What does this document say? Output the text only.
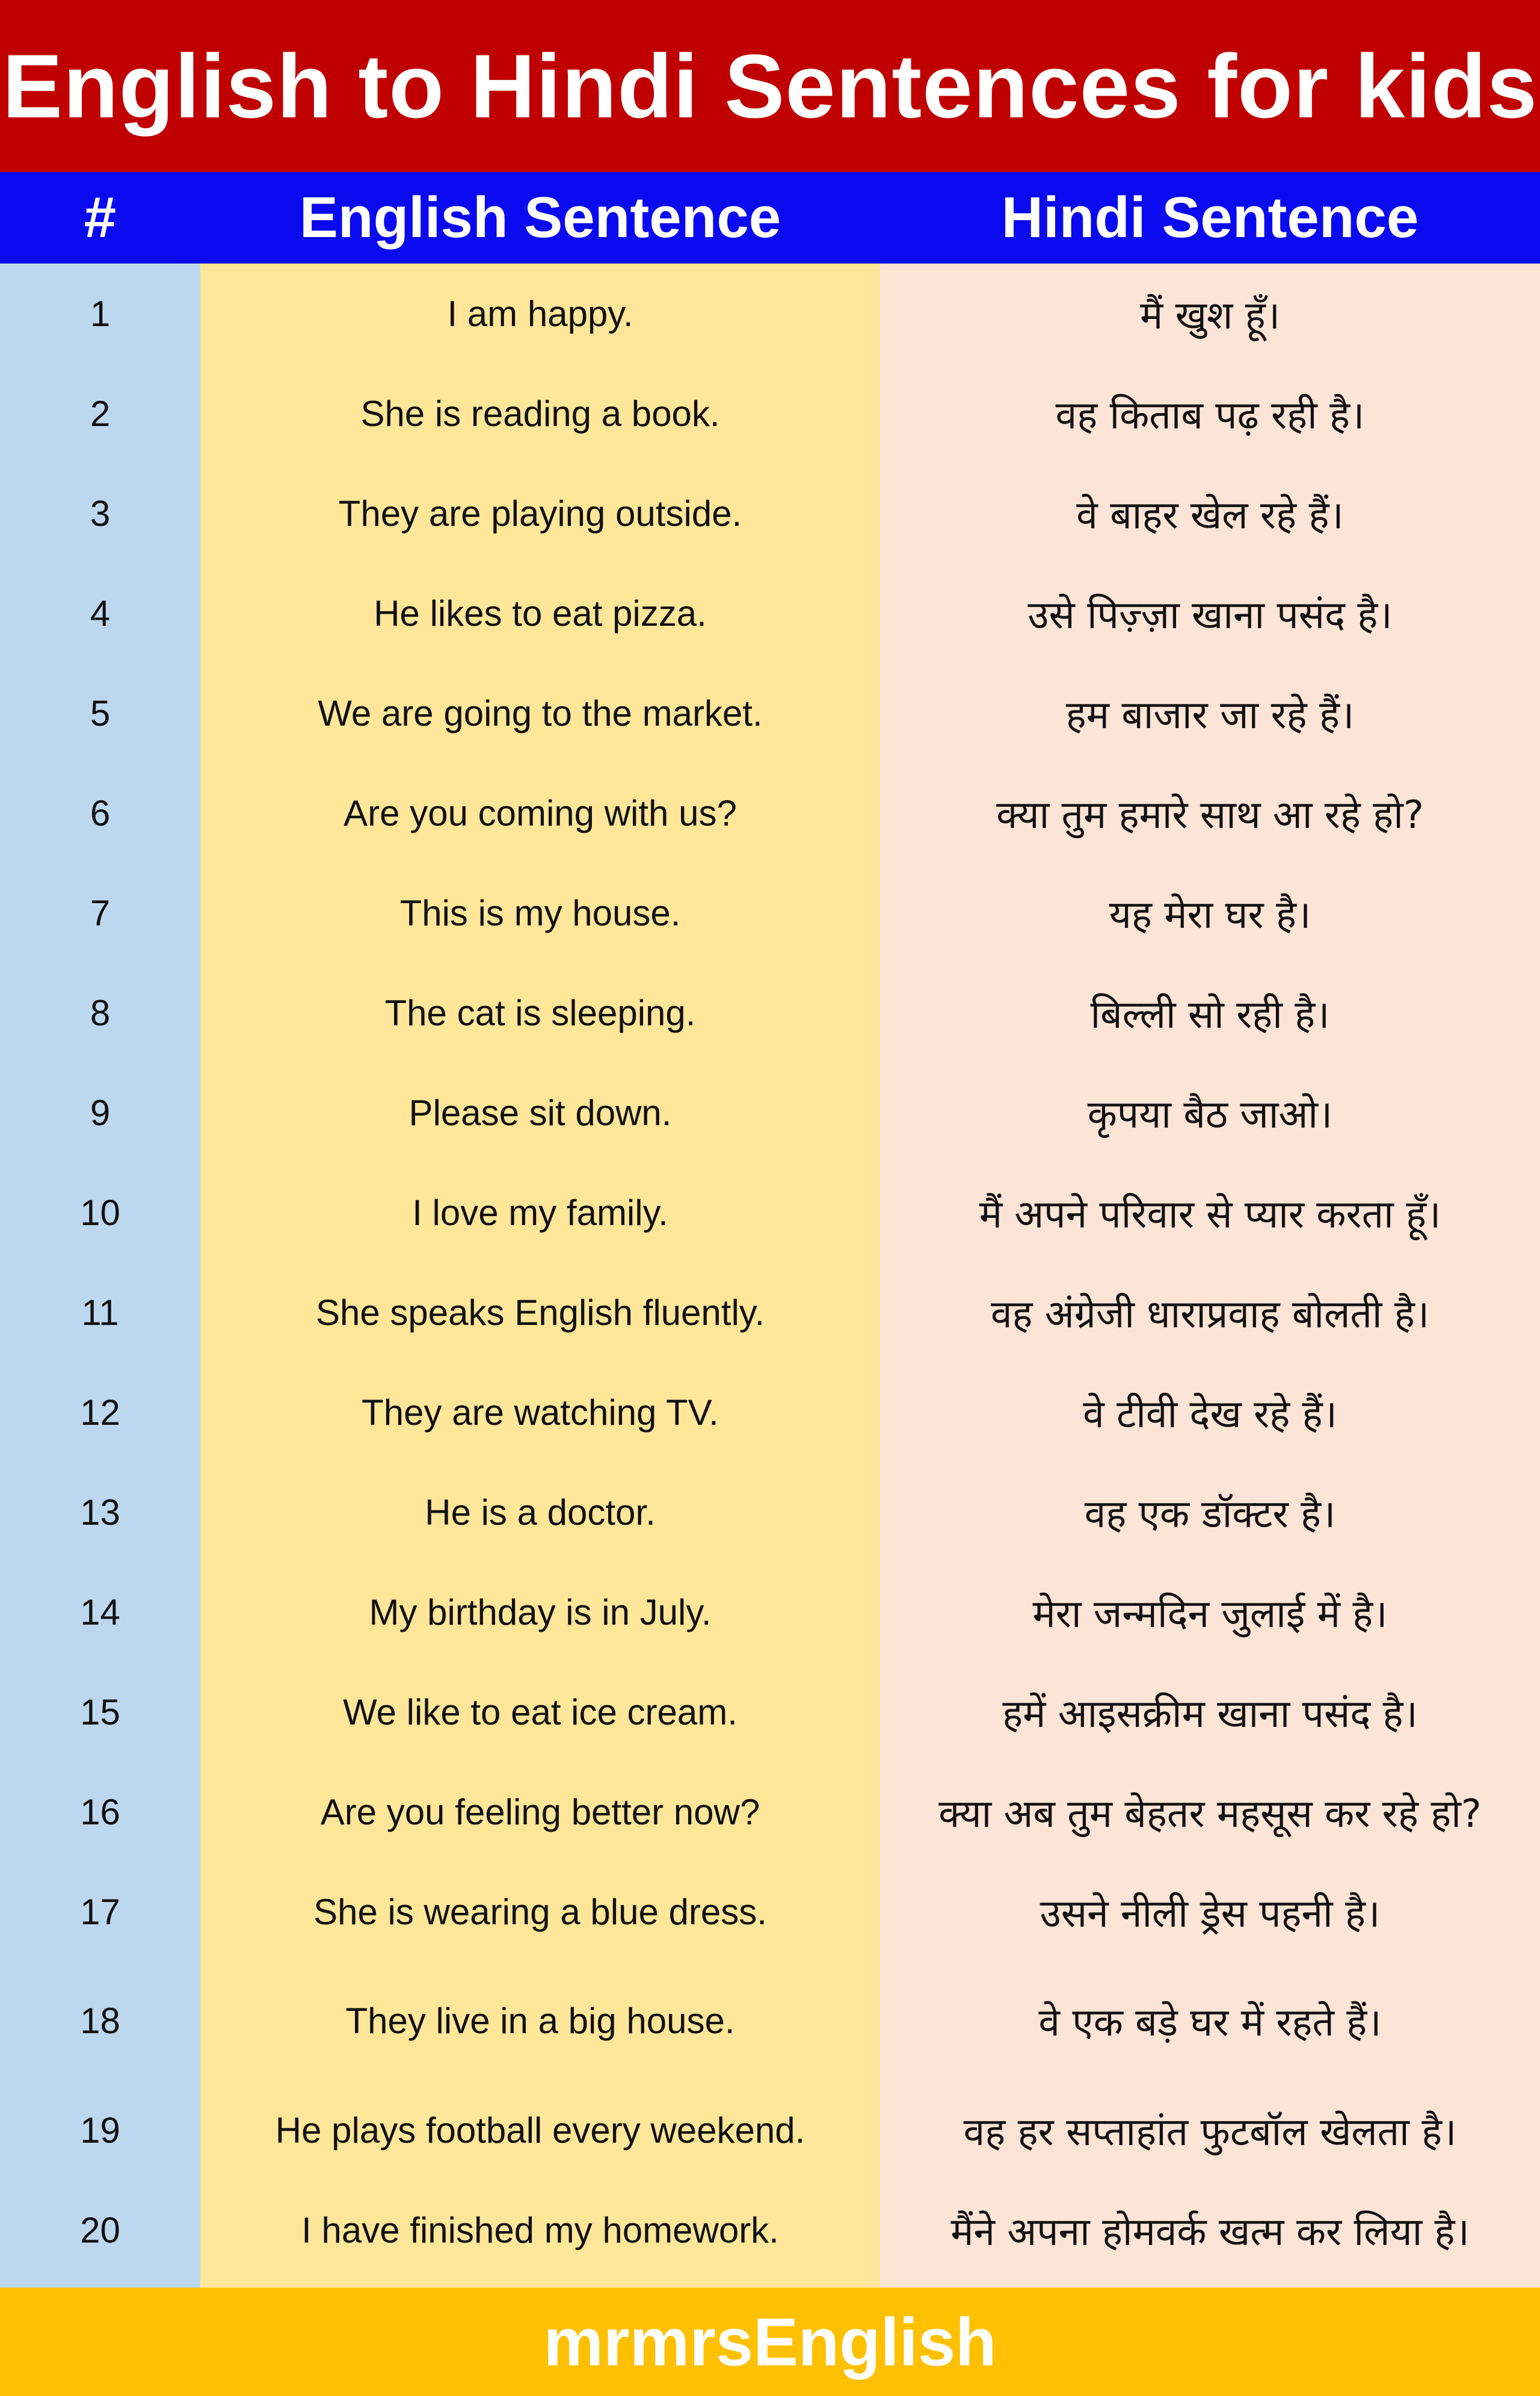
English to Hindi Sentences for kids
#	English Sentence	Hindi Sentence
1
2
3
4
5
6
7
8
9
10
11
12
13
14
15
16
17
18
19
20
I am happy.
She is reading a book.
They are playing outside.
He likes to eat pizza.
We are going to the market.
Are you coming with us?
This is my house.
The cat is sleeping.
Please sit down.
I love my family.
She speaks English fluently.
They are watching TV.
He is a doctor.
My birthday is in July.
We like to eat ice cream.
Are you feeling better now?
She is wearing a blue dress.
They live in a big house.
He plays football every weekend.
I have finished my homework.
मैं खुश हूँ।
वह किताब पढ़ रही है।
वे बाहर खेल रहे हैं।
उसे पिज़्ज़ा खाना पसंद है।
हम बाजार जा रहे हैं।
क्या तुम हमारे साथ आ रहे हो?
यह मेरा घर है।
बिल्ली सो रही है।
कृपया बैठ जाओ।
मैं अपने परिवार से प्यार करता हूँ।
वह अंग्रेजी धाराप्रवाह बोलती है।
वे टीवी देख रहे हैं।
वह एक डॉक्टर है।
मेरा जन्मदिन जुलाई में है।
हमें आइसक्रीम खाना पसंद है।
क्या अब तुम बेहतर महसूस कर रहे हो?
उसने नीली ड्रेस पहनी है।
वे एक बड़े घर में रहते हैं।
वह हर सप्ताहांत फुटबॉल खेलता है।
मैंने अपना होमवर्क खत्म कर लिया है।
mrmrsEnglish
